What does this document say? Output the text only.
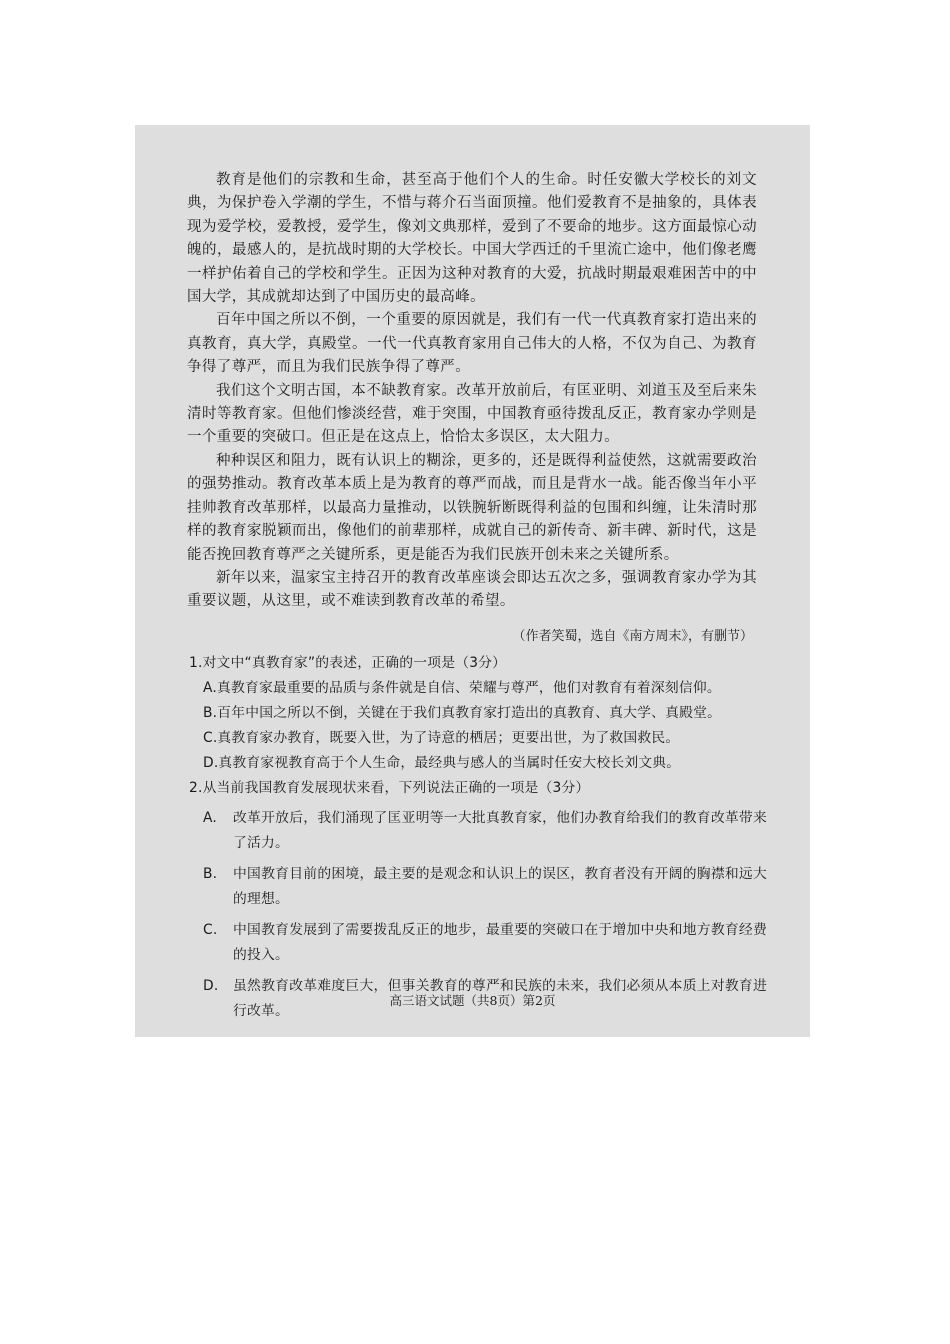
教育是他们的宗教和生命，甚至高于他们个人的生命。时任安徽大学校长的刘文典，为保护卷入学潮的学生，不惜与蒋介石当面顶撞。他们爱教育不是抽象的，具体表现为爱学校，爱教授，爱学生，像刘文典那样，爱到了不要命的地步。这方面最惊心动魄的，最感人的，是抗战时期的大学校长。中国大学西迁的千里流亡途中，他们像老鹰一样护佑着自己的学校和学生。正因为这种对教育的大爱，抗战时期最艰难困苦中的中国大学，其成就却达到了中国历史的最高峰。

百年中国之所以不倒，一个重要的原因就是，我们有一代一代真教育家打造出来的真教育，真大学，真殿堂。一代一代真教育家用自己伟大的人格，不仅为自己、为教育争得了尊严，而且为我们民族争得了尊严。

我们这个文明古国，本不缺教育家。改革开放前后，有匡亚明、刘道玉及至后来朱清时等教育家。但他们惨淡经营，难于突围，中国教育亟待拨乱反正，教育家办学则是一个重要的突破口。但正是在这点上，恰恰太多误区，太大阻力。

种种误区和阻力，既有认识上的糊涂，更多的，还是既得利益使然，这就需要政治的强势推动。教育改革本质上是为教育的尊严而战，而且是背水一战。能否像当年小平挂帅教育改革那样，以最高力量推动，以铁腕斩断既得利益的包围和纠缠，让朱清时那样的教育家脱颖而出，像他们的前辈那样，成就自己的新传奇、新丰碑、新时代，这是能否挽回教育尊严之关键所系，更是能否为我们民族开创未来之关键所系。

新年以来，温家宝主持召开的教育改革座谈会即达五次之多，强调教育家办学为其重要议题，从这里，或不难读到教育改革的希望。

（作者笑蜀，选自《南方周末》，有删节）
1.对文中“真教育家”的表述，正确的一项是（3分）
A.真教育家最重要的品质与条件就是自信、荣耀与尊严，他们对教育有着深刻信仰。
B.百年中国之所以不倒，关键在于我们真教育家打造出的真教育、真大学、真殿堂。
C.真教育家办教育，既要入世，为了诗意的栖居；更要出世，为了救国救民。
D.真教育家视教育高于个人生命，最经典与感人的当属时任安大校长刘文典。
2.从当前我国教育发展现状来看，下列说法正确的一项是（3分）
A.	改革开放后，我们涌现了匡亚明等一大批真教育家，他们办教育给我们的教育改革带来了活力。
B.	中国教育目前的困境，最主要的是观念和认识上的误区，教育者没有开阔的胸襟和远大的理想。
C.	中国教育发展到了需要拨乱反正的地步，最重要的突破口在于增加中央和地方教育经费的投入。
D.	虽然教育改革难度巨大，但事关教育的尊严和民族的未来，我们必须从本质上对教育进行改革。
高三语文试题（共8页）第2页
